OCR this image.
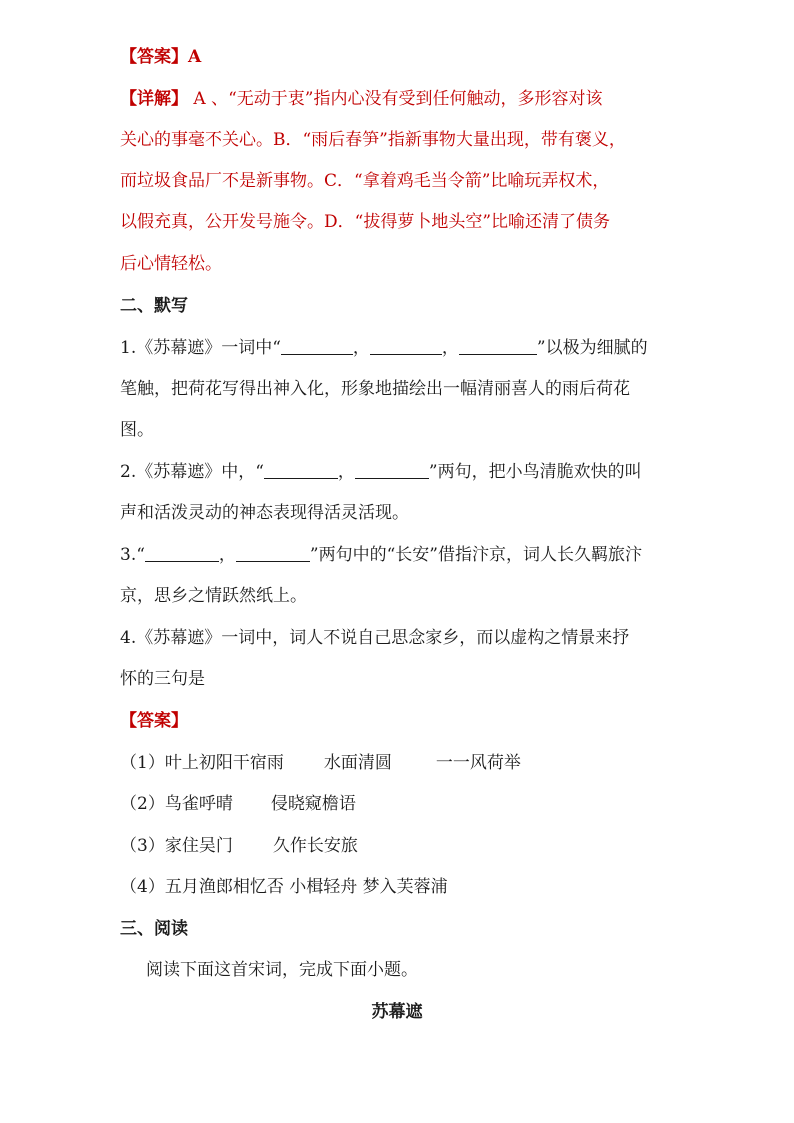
【答案】A
【详解】 A 、“无动于衷”指内心没有受到任何触动，多形容对该
关心的事毫不关心。B．“雨后春笋”指新事物大量出现，带有褒义，
而垃圾食品厂不是新事物。C．“拿着鸡毛当令箭”比喻玩弄权术，
以假充真，公开发号施令。D．“拔得萝卜地头空”比喻还清了债务
后心情轻松。
二、默写
1.《苏幕遮》一词中“	，	，	”以极为细腻的
笔触，把荷花写得出神入化，形象地描绘出一幅清丽喜人的雨后荷花
图。
2.《苏幕遮》中，“	，	”两句，把小鸟清脆欢快的叫
声和活泼灵动的神态表现得活灵活现。
3.“	，	”两句中的“长安”借指汴京，词人长久羁旅汴
京，思乡之情跃然纸上。
4.《苏幕遮》一词中，词人不说自己思念家乡，而以虚构之情景来抒
怀的三句是
【答案】
（1）叶上初阳干宿雨 水面清圆	一一风荷举
（2）鸟雀呼晴 侵晓窥檐语
（3）家住吴门 久作长安旅
（4）五月渔郎相忆否 小楫轻舟 梦入芙蓉浦
三、阅读
阅读下面这首宋词，完成下面小题。
苏幕遮
